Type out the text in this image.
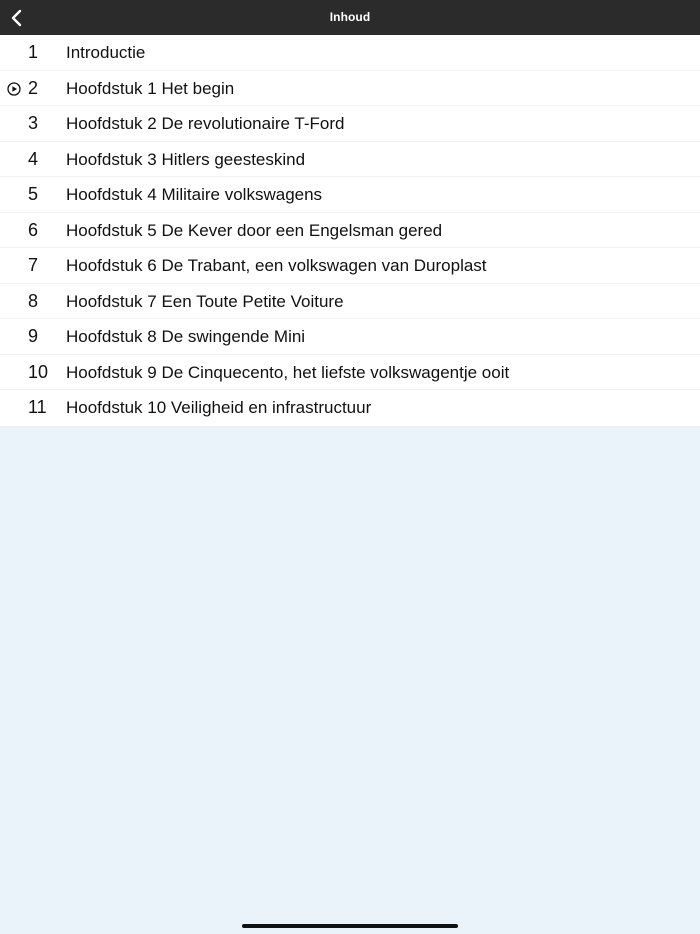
Inhoud
1 Introductie
2 Hoofdstuk 1 Het begin
3 Hoofdstuk 2 De revolutionaire T-Ford
4 Hoofdstuk 3 Hitlers geesteskind
5 Hoofdstuk 4 Militaire volkswagens
6 Hoofdstuk 5 De Kever door een Engelsman gered
7 Hoofdstuk 6 De Trabant, een volkswagen van Duroplast
8 Hoofdstuk 7 Een Toute Petite Voiture
9 Hoofdstuk 8 De swingende Mini
10 Hoofdstuk 9 De Cinquecento, het liefste volkswagentje ooit
11 Hoofdstuk 10 Veiligheid en infrastructuur
